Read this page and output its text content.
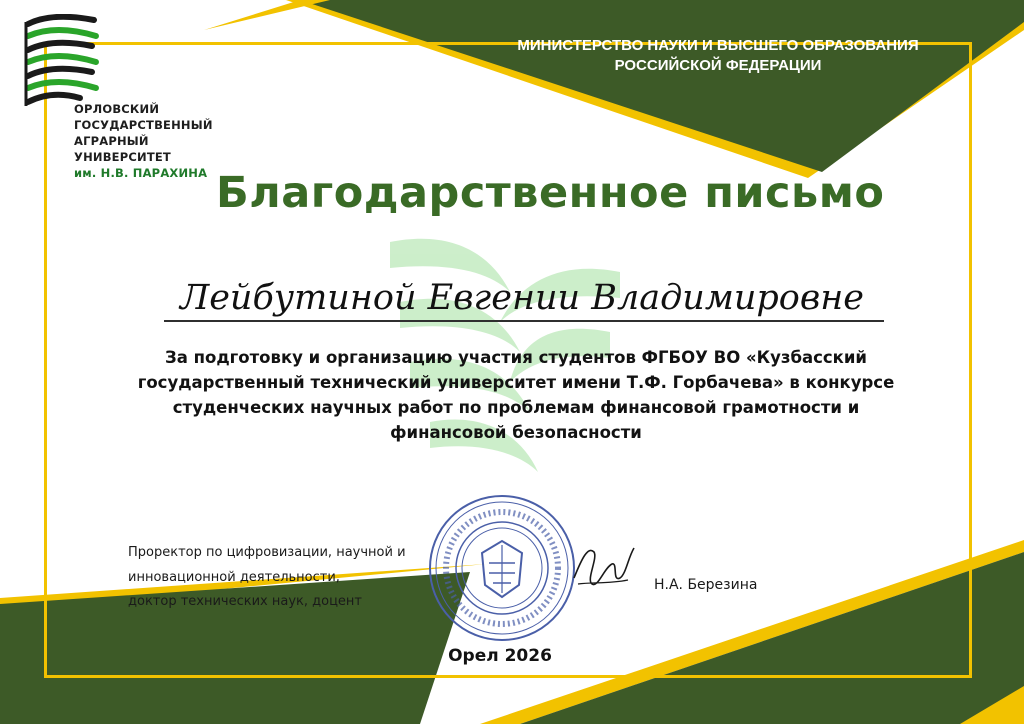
ОРЛОВСКИЙ
ГОСУДАРСТВЕННЫЙ
АГРАРНЫЙ
УНИВЕРСИТЕТ
им. Н.В. ПАРАХИНА
МИНИСТЕРСТВО НАУКИ И ВЫСШЕГО ОБРАЗОВАНИЯ
РОССИЙСКОЙ ФЕДЕРАЦИИ
Благодарственное письмо
Лейбутиной Евгении Владимировне
За подготовку и организацию участия студентов ФГБОУ ВО «Кузбасский
государственный технический университет имени Т.Ф. Горбачева» в конкурсе
студенческих научных работ по проблемам финансовой грамотности и
финансовой безопасности
Проректор по цифровизации, научной и
инновационной деятельности,
доктор технических наук, доцент
Н.А. Березина
Орел 2026
